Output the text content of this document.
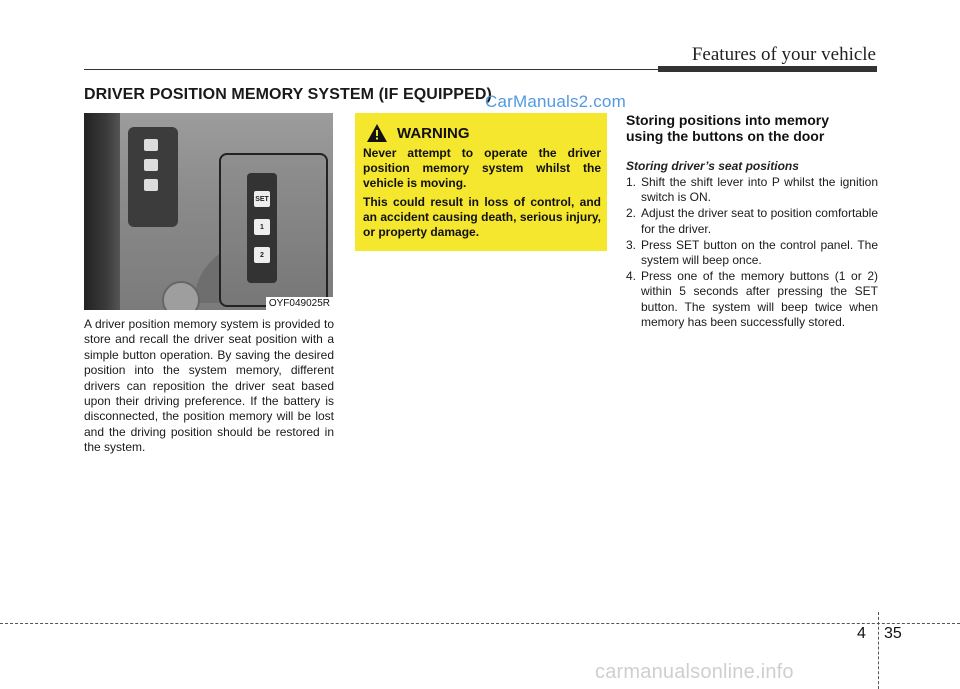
Features of your vehicle
DRIVER POSITION MEMORY SYSTEM (IF EQUIPPED)
CarManuals2.com
SET
1
2
OYF049025R
A driver position memory system is provided to store and recall the driver seat position with a simple button operation. By saving the desired position into the system memory, different drivers can reposition the driver seat based upon their driving preference. If the battery is disconnected, the position memory will be lost and the driving position should be restored in the system.
WARNING

Never attempt to operate the driver position memory system whilst the vehicle is moving.

This could result in loss of control, and an accident causing death, serious injury, or property damage.

Storing positions into memory
using the buttons on the door

Storing driver’s seat positions

1. Shift the shift lever into P whilst the ignition switch is ON.
2. Adjust the driver seat to position comfortable for the driver.
3. Press SET button on the control panel. The system will beep once.
4. Press one of the memory buttons (1 or 2) within 5 seconds after pressing the SET button. The system will beep twice when memory has been successfully stored.
4 35
carmanualsonline.info
